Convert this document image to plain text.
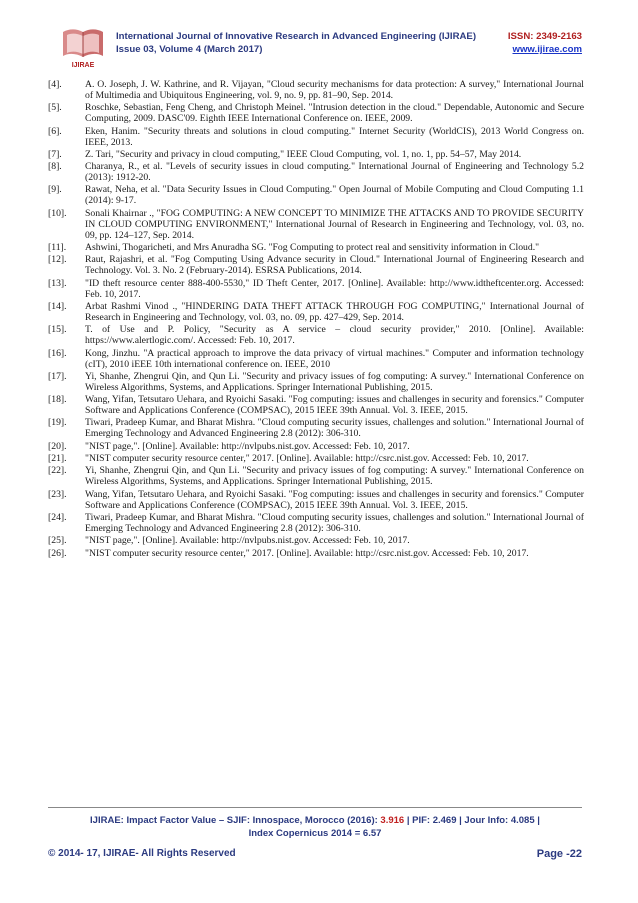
IJIRAE
International Journal of Innovative Research in Advanced Engineering (IJIRAE)	ISSN: 2349-2163
Issue 03, Volume 4 (March 2017)	www.ijirae.com
[4].	A. O. Joseph, J. W. Kathrine, and R. Vijayan, "Cloud security mechanisms for data protection: A survey," International Journal of Multimedia and Ubiquitous Engineering, vol. 9, no. 9, pp. 81–90, Sep. 2014.
[5].	Roschke, Sebastian, Feng Cheng, and Christoph Meinel. "Intrusion detection in the cloud." Dependable, Autonomic and Secure Computing, 2009. DASC'09. Eighth IEEE International Conference on. IEEE, 2009.
[6].	Eken, Hanim. "Security threats and solutions in cloud computing." Internet Security (WorldCIS), 2013 World Congress on. IEEE, 2013.
[7].	Z. Tari, "Security and privacy in cloud computing," IEEE Cloud Computing, vol. 1, no. 1, pp. 54–57, May 2014.
[8].	Charanya, R., et al. "Levels of security issues in cloud computing." International Journal of Engineering and Technology 5.2 (2013): 1912-20.
[9].	Rawat, Neha, et al. "Data Security Issues in Cloud Computing." Open Journal of Mobile Computing and Cloud Computing 1.1 (2014): 9-17.
[10].	Sonali Khairnar ., "FOG COMPUTING: A NEW CONCEPT TO MINIMIZE THE ATTACKS AND TO PROVIDE SECURITY IN CLOUD COMPUTING ENVIRONMENT," International Journal of Research in Engineering and Technology, vol. 03, no. 09, pp. 124–127, Sep. 2014.
[11].	Ashwini, Thogaricheti, and Mrs Anuradha SG. "Fog Computing to protect real and sensitivity information in Cloud."
[12].	Raut, Rajashri, et al. "Fog Computing Using Advance security in Cloud." International Journal of Engineering Research and Technology. Vol. 3. No. 2 (February-2014). ESRSA Publications, 2014.
[13].	"ID theft resource center 888-400-5530," ID Theft Center, 2017. [Online]. Available: http://www.idtheftcenter.org. Accessed: Feb. 10, 2017.
[14].	Arbat Rashmi Vinod ., "HINDERING DATA THEFT ATTACK THROUGH FOG COMPUTING," International Journal of Research in Engineering and Technology, vol. 03, no. 09, pp. 427–429, Sep. 2014.
[15].	T. of Use and P. Policy, "Security as A service – cloud security provider," 2010. [Online]. Available: https://www.alertlogic.com/. Accessed: Feb. 10, 2017.
[16].	Kong, Jinzhu. "A practical approach to improve the data privacy of virtual machines." Computer and information technology (cIT), 2010 iEEE 10th international conference on. IEEE, 2010
[17].	Yi, Shanhe, Zhengrui Qin, and Qun Li. "Security and privacy issues of fog computing: A survey." International Conference on Wireless Algorithms, Systems, and Applications. Springer International Publishing, 2015.
[18].	Wang, Yifan, Tetsutaro Uehara, and Ryoichi Sasaki. "Fog computing: issues and challenges in security and forensics." Computer Software and Applications Conference (COMPSAC), 2015 IEEE 39th Annual. Vol. 3. IEEE, 2015.
[19].	Tiwari, Pradeep Kumar, and Bharat Mishra. "Cloud computing security issues, challenges and solution." International Journal of Emerging Technology and Advanced Engineering 2.8 (2012): 306-310.
[20].	"NIST page,". [Online]. Available: http://nvlpubs.nist.gov. Accessed: Feb. 10, 2017.
[21].	"NIST computer security resource center," 2017. [Online]. Available: http://csrc.nist.gov. Accessed: Feb. 10, 2017.
[22].	Yi, Shanhe, Zhengrui Qin, and Qun Li. "Security and privacy issues of fog computing: A survey." International Conference on Wireless Algorithms, Systems, and Applications. Springer International Publishing, 2015.
[23].	Wang, Yifan, Tetsutaro Uehara, and Ryoichi Sasaki. "Fog computing: issues and challenges in security and forensics." Computer Software and Applications Conference (COMPSAC), 2015 IEEE 39th Annual. Vol. 3. IEEE, 2015.
[24].	Tiwari, Pradeep Kumar, and Bharat Mishra. "Cloud computing security issues, challenges and solution." International Journal of Emerging Technology and Advanced Engineering 2.8 (2012): 306-310.
[25].	"NIST page,". [Online]. Available: http://nvlpubs.nist.gov. Accessed: Feb. 10, 2017.
[26].	"NIST computer security resource center," 2017. [Online]. Available: http://csrc.nist.gov. Accessed: Feb. 10, 2017.
IJIRAE: Impact Factor Value – SJIF: Innospace, Morocco (2016): 3.916 | PIF: 2.469 | Jour Info: 4.085 |
Index Copernicus 2014 = 6.57
© 2014- 17, IJIRAE- All Rights Reserved	Page -22
